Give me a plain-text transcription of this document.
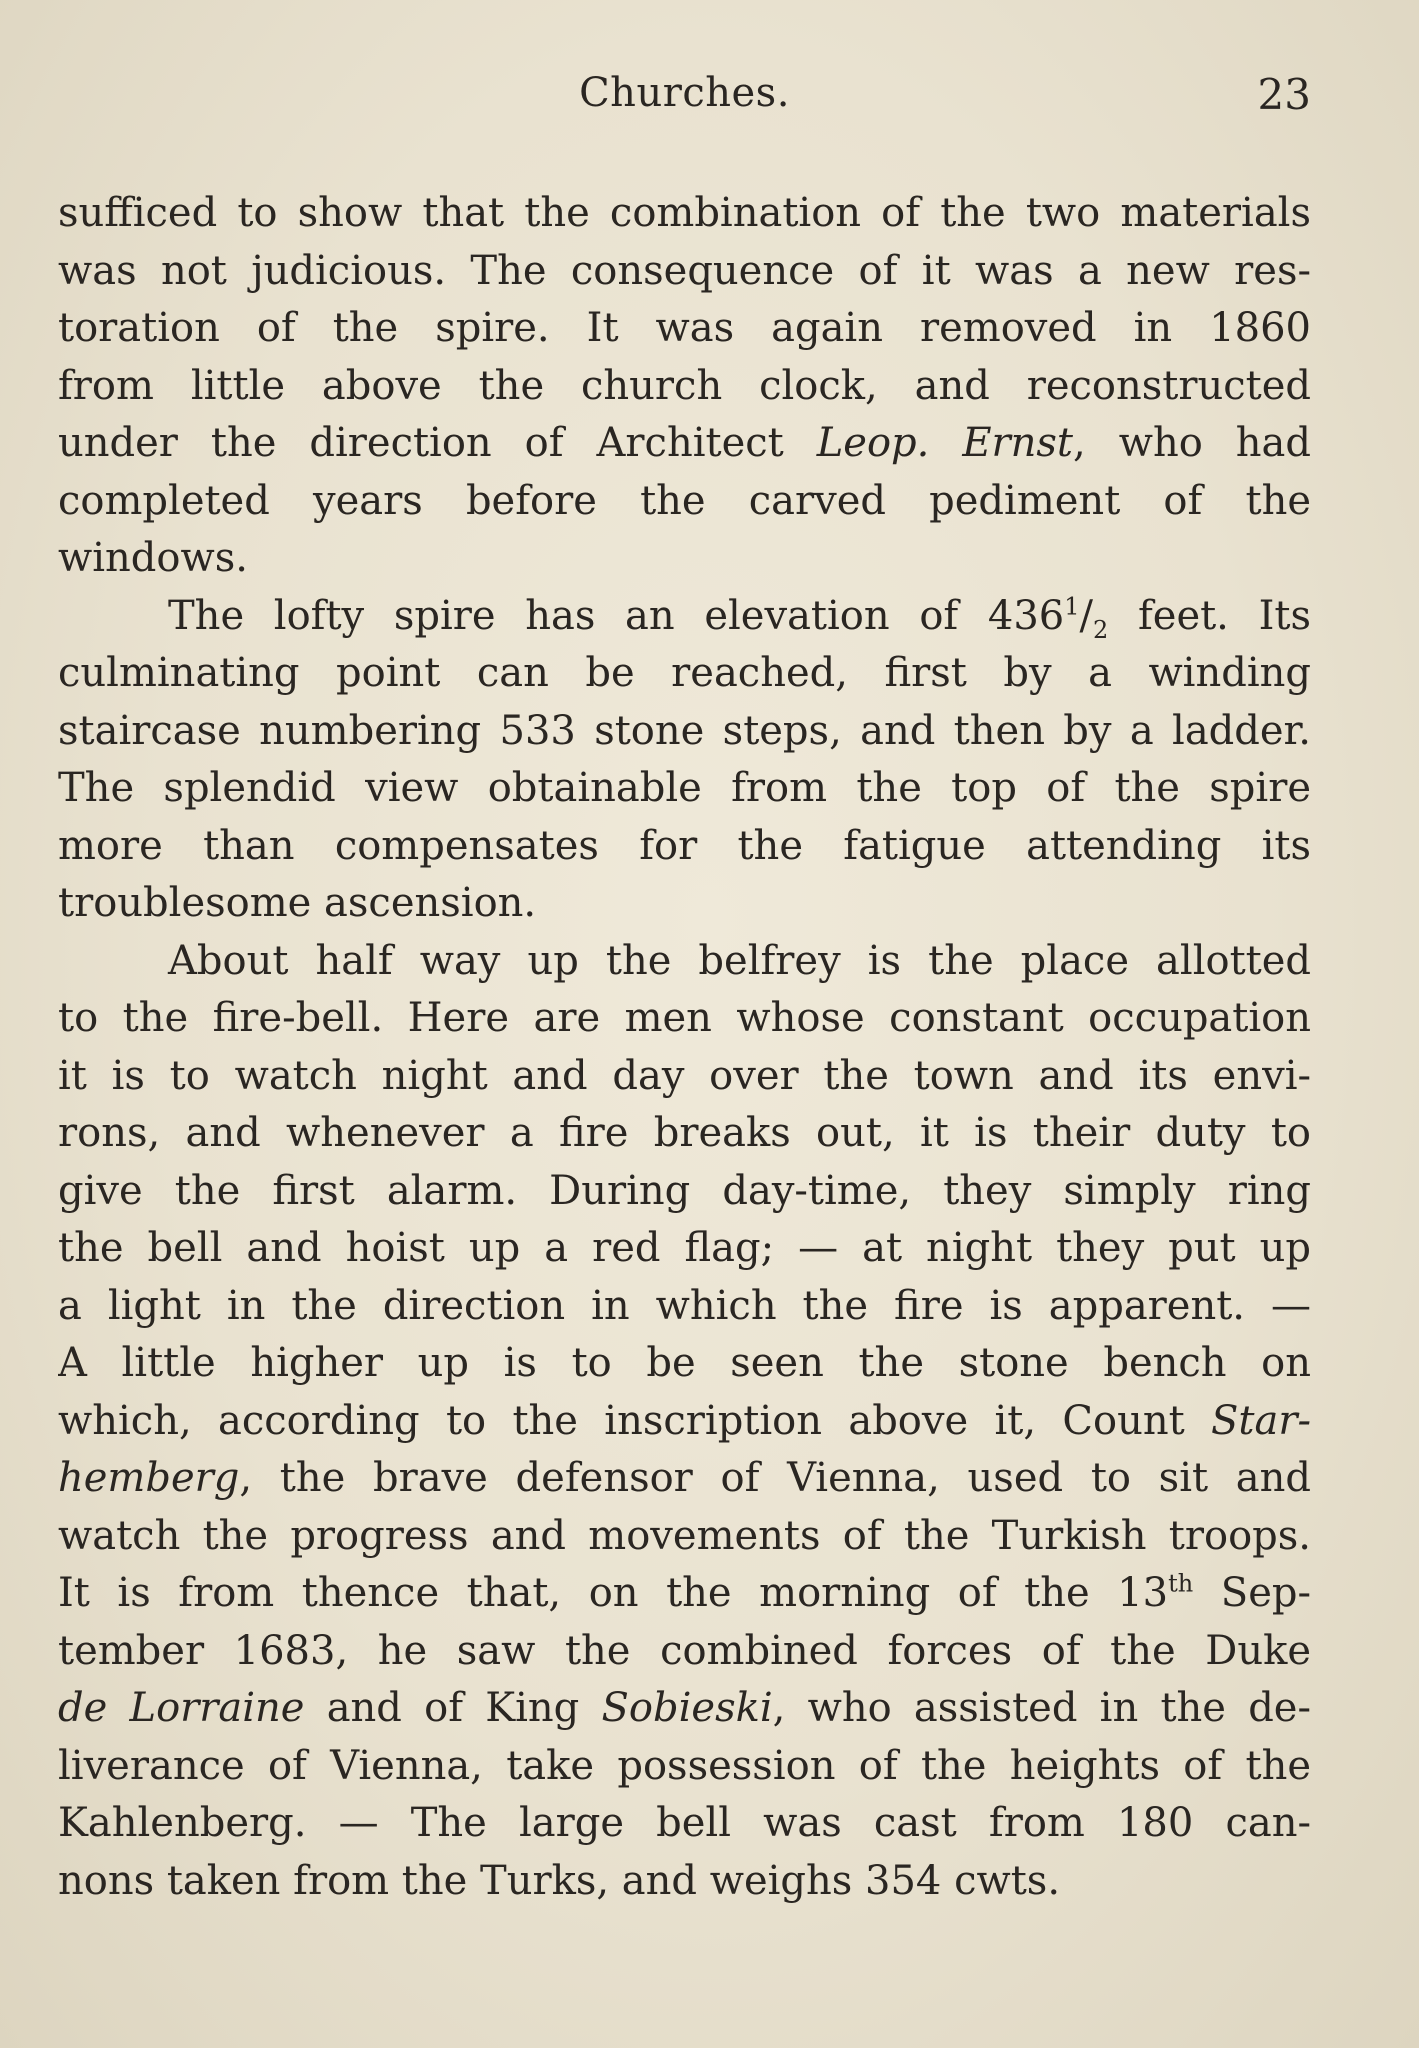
Churches.	23
sufficed to show that the combination of the two materials
was not judicious. The consequence of it was a new res-
toration of the spire. It was again removed in 1860
from little above the church clock, and reconstructed
under the direction of Architect Leop. Ernst, who had
completed years before the carved pediment of the
windows.
The lofty spire has an elevation of $436^1/_2$ feet. Its
culminating point can be reached, first by a winding
staircase numbering 533 stone steps, and then by a ladder.
The splendid view obtainable from the top of the spire
more than compensates for the fatigue attending its
troublesome ascension.
About half way up the belfrey is the place allotted
to the fire-bell. Here are men whose constant occupation
it is to watch night and day over the town and its envi-
rons, and whenever a fire breaks out, it is their duty to
give the first alarm. During day-time, they simply ring
the bell and hoist up a red flag; — at night they put up
a light in the direction in which the fire is apparent. —
A little higher up is to be seen the stone bench on
which, according to the inscription above it, Count Star-
hemberg, the brave defensor of Vienna, used to sit and
watch the progress and movements of the Turkish troops.
It is from thence that, on the morning of the 13th Sep-
tember 1683, he saw the combined forces of the Duke
de Lorraine and of King Sobieski, who assisted in the de-
liverance of Vienna, take possession of the heights of the
Kahlenberg. — The large bell was cast from 180 can-
nons taken from the Turks, and weighs 354 cwts.
